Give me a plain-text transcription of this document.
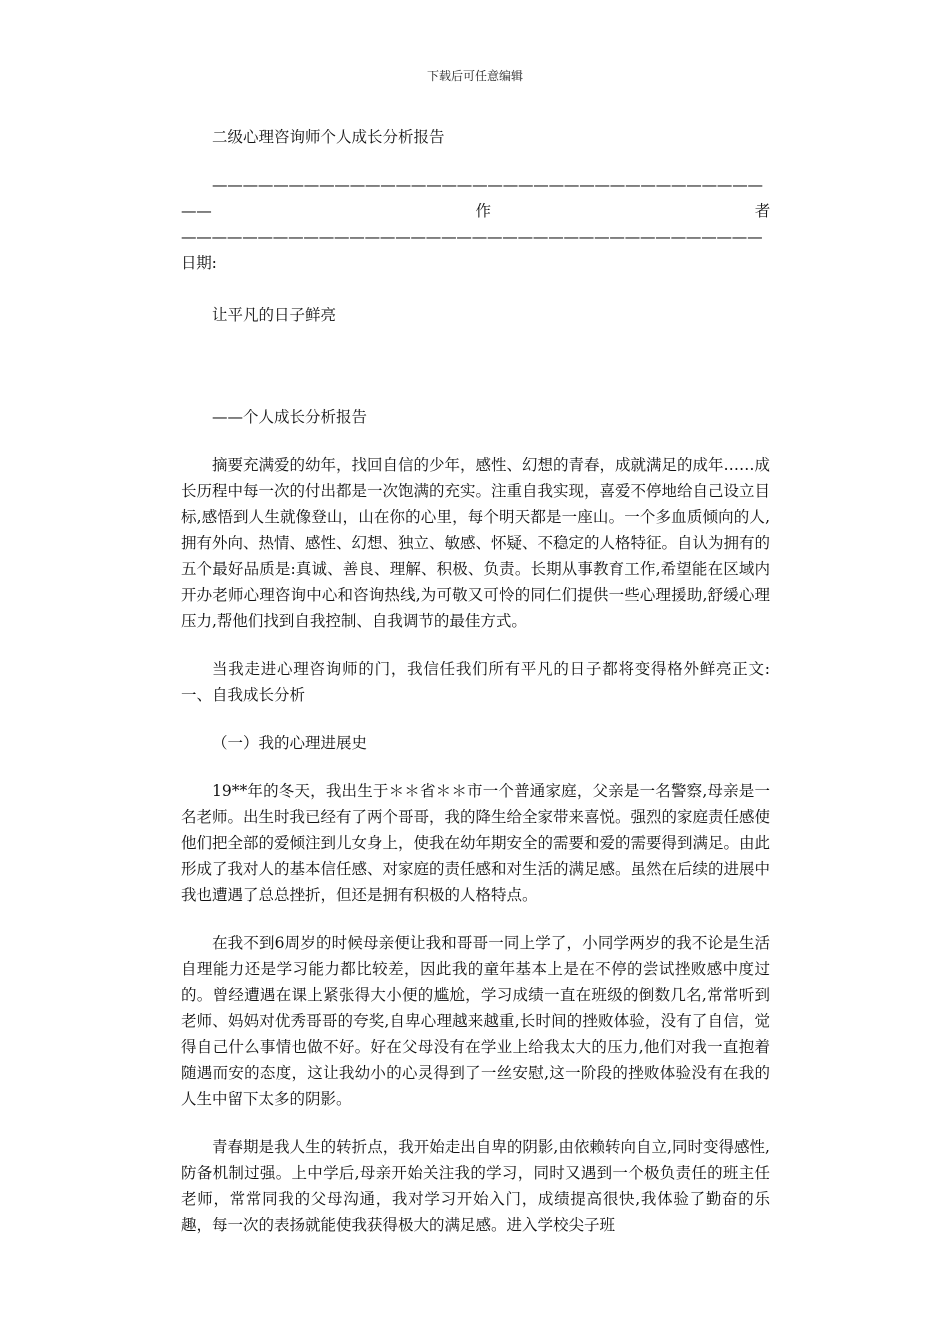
下载后可任意编辑

二级心理咨询师个人成长分析报告

——————————————————————————————————————作者——————————————————————————————————————日期:

让平凡的日子鲜亮

——个人成长分析报告

摘要充满爱的幼年，找回自信的少年，感性、幻想的青春，成就满足的成年……成长历程中每一次的付出都是一次饱满的充实。注重自我实现，喜爱不停地给自己设立目标,感悟到人生就像登山，山在你的心里，每个明天都是一座山。一个多血质倾向的人,拥有外向、热情、感性、幻想、独立、敏感、怀疑、不稳定的人格特征。自认为拥有的五个最好品质是:真诚、善良、理解、积极、负责。长期从事教育工作,希望能在区域内开办老师心理咨询中心和咨询热线,为可敬又可怜的同仁们提供一些心理援助,舒缓心理压力,帮他们找到自我控制、自我调节的最佳方式。

当我走进心理咨询师的门，我信任我们所有平凡的日子都将变得格外鲜亮正文:一、自我成长分析

（一）我的心理进展史

19**年的冬天，我出生于＊＊省＊＊市一个普通家庭，父亲是一名警察,母亲是一名老师。出生时我已经有了两个哥哥，我的降生给全家带来喜悦。强烈的家庭责任感使他们把全部的爱倾注到儿女身上，使我在幼年期安全的需要和爱的需要得到满足。由此形成了我对人的基本信任感、对家庭的责任感和对生活的满足感。虽然在后续的进展中我也遭遇了总总挫折，但还是拥有积极的人格特点。

在我不到6周岁的时候母亲便让我和哥哥一同上学了，小同学两岁的我不论是生活自理能力还是学习能力都比较差，因此我的童年基本上是在不停的尝试挫败感中度过的。曾经遭遇在课上紧张得大小便的尴尬，学习成绩一直在班级的倒数几名,常常听到老师、妈妈对优秀哥哥的夸奖,自卑心理越来越重,长时间的挫败体验，没有了自信，觉得自己什么事情也做不好。好在父母没有在学业上给我太大的压力,他们对我一直抱着随遇而安的态度，这让我幼小的心灵得到了一丝安慰,这一阶段的挫败体验没有在我的人生中留下太多的阴影。

青春期是我人生的转折点，我开始走出自卑的阴影,由依赖转向自立,同时变得感性,防备机制过强。上中学后,母亲开始关注我的学习，同时又遇到一个极负责任的班主任老师，常常同我的父母沟通，我对学习开始入门，成绩提高很快,我体验了勤奋的乐趣，每一次的表扬就能使我获得极大的满足感。进入学校尖子班
